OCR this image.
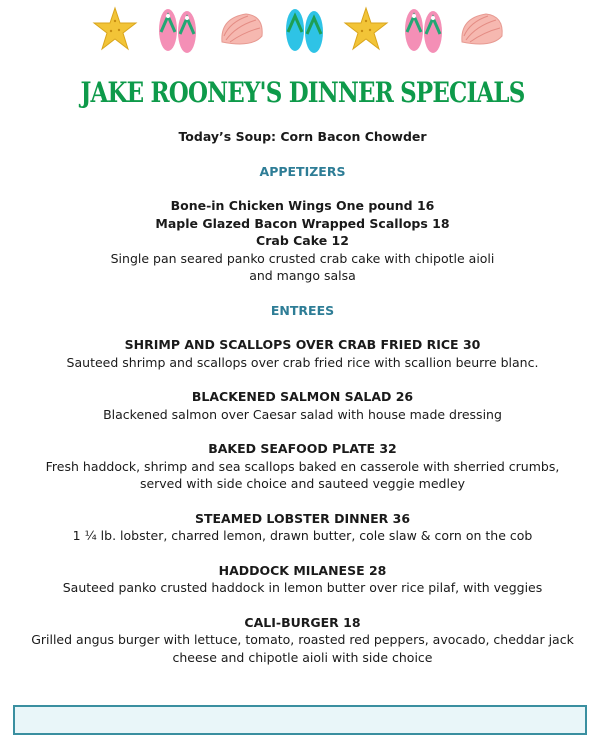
JAKE ROONEY'S DINNER SPECIALS

Today’s Soup: Corn Bacon Chowder

APPETIZERS

Bone-in Chicken Wings One pound 16

Maple Glazed Bacon Wrapped Scallops 18

Crab Cake 12

Single pan seared panko crusted crab cake with chipotle aioli

and mango salsa

ENTREES

SHRIMP AND SCALLOPS OVER CRAB FRIED RICE 30

Sauteed shrimp and scallops over crab fried rice with scallion beurre blanc.

BLACKENED SALMON SALAD 26

Blackened salmon over Caesar salad with house made dressing

BAKED SEAFOOD PLATE 32

Fresh haddock, shrimp and sea scallops baked en casserole with sherried crumbs,

served with side choice and sauteed veggie medley

STEAMED LOBSTER DINNER 36

1 ¼ lb. lobster, charred lemon, drawn butter, cole slaw & corn on the cob

HADDOCK MILANESE 28

Sauteed panko crusted haddock in lemon butter over rice pilaf, with veggies

CALI-BURGER 18

Grilled angus burger with lettuce, tomato, roasted red peppers, avocado, cheddar jack

cheese and chipotle aioli with side choice
